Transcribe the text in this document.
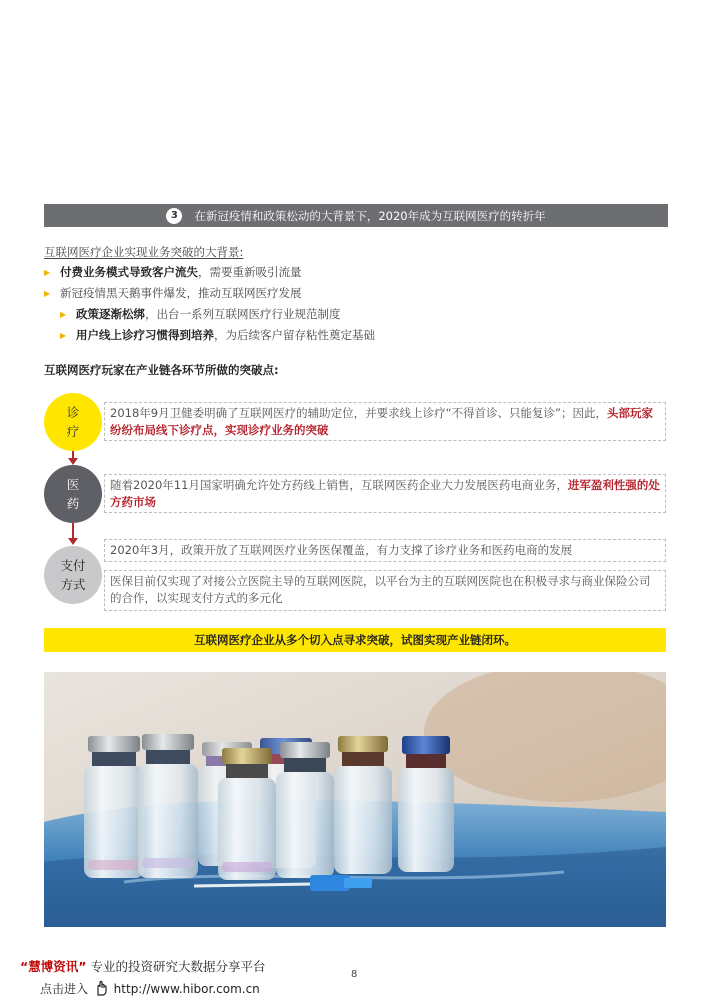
3	在新冠疫情和政策松动的大背景下，2020年成为互联网医疗的转折年
互联网医疗企业实现业务突破的大背景:
▶ 付费业务模式导致客户流失，需要重新吸引流量
▶ 新冠疫情黑天鹅事件爆发，推动互联网医疗发展
▶ 政策逐渐松绑，出台一系列互联网医疗行业规范制度
▶ 用户线上诊疗习惯得到培养，为后续客户留存粘性奠定基础
互联网医疗玩家在产业链各环节所做的突破点:
诊
疗
医
药
支付
方式
2018年9月卫健委明确了互联网医疗的辅助定位，并要求线上诊疗“不得首诊、只能复诊”；因此，头部玩家纷纷布局线下诊疗点，实现诊疗业务的突破
随着2020年11月国家明确允许处方药线上销售，互联网医药企业大力发展医药电商业务，进军盈利性强的处方药市场
2020年3月，政策开放了互联网医疗业务医保覆盖，有力支撑了诊疗业务和医药电商的发展
医保目前仅实现了对接公立医院主导的互联网医院，以平台为主的互联网医院也在积极寻求与商业保险公司的合作，以实现支付方式的多元化
互联网医疗企业从多个切入点寻求突破，试图实现产业链闭环。
“慧博资讯” 专业的投资研究大数据分享平台
8
点击进入 http://www.hibor.com.cn
